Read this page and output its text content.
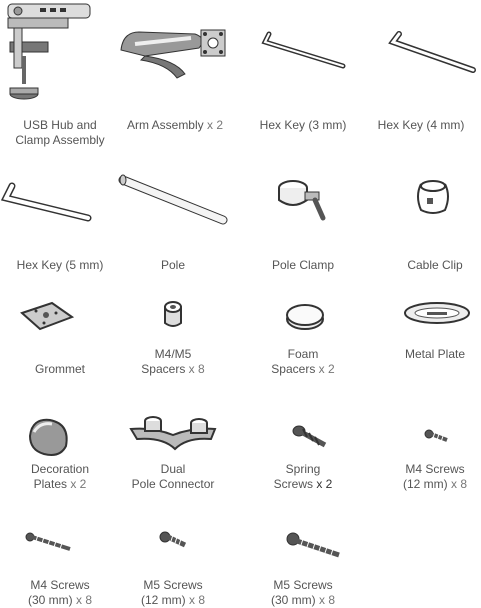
USB Hub and
Clamp Assembly
Arm Assembly x 2	Hex Key (3 mm)	Hex Key (4 mm)
Hex Key (5 mm)	Pole	Pole Clamp	Cable Clip
Grommet
M4/M5
Spacers x 8
Foam
Spacers x 2
Metal Plate
Decoration
Plates x 2
Dual
Pole Connector
Spring
Screws x 2
M4 Screws
(12 mm) x 8
M4 Screws
(30 mm) x 8
M5 Screws
(12 mm) x 8
M5 Screws
(30 mm) x 8
